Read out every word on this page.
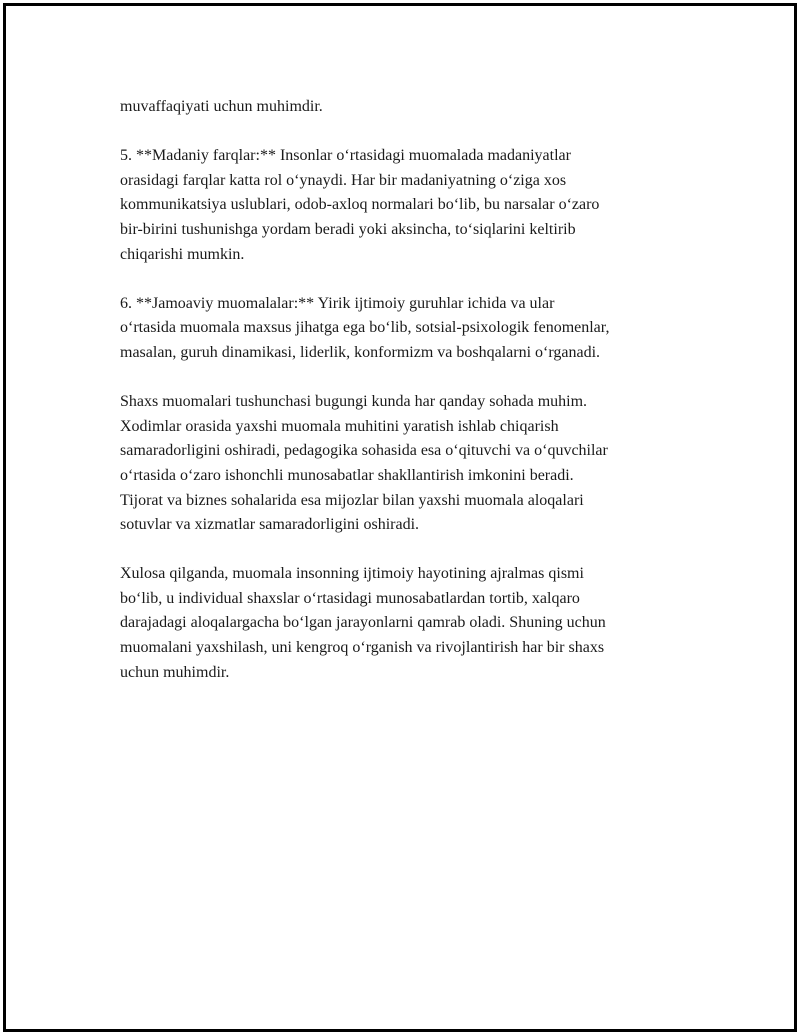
muvaffaqiyati uchun muhimdir.

5. **Madaniy farqlar:** Insonlar o‘rtasidagi muomalada madaniyatlar
orasidagi farqlar katta rol o‘ynaydi. Har bir madaniyatning o‘ziga xos
kommunikatsiya uslublari, odob-axloq normalari bo‘lib, bu narsalar o‘zaro
bir-birini tushunishga yordam beradi yoki aksincha, to‘siqlarini keltirib
chiqarishi mumkin.

6. **Jamoaviy muomalalar:** Yirik ijtimoiy guruhlar ichida va ular
o‘rtasida muomala maxsus jihatga ega bo‘lib, sotsial-psixologik fenomenlar,
masalan, guruh dinamikasi, liderlik, konformizm va boshqalarni o‘rganadi.

Shaxs muomalari tushunchasi bugungi kunda har qanday sohada muhim.
Xodimlar orasida yaxshi muomala muhitini yaratish ishlab chiqarish
samaradorligini oshiradi, pedagogika sohasida esa o‘qituvchi va o‘quvchilar
o‘rtasida o‘zaro ishonchli munosabatlar shakllantirish imkonini beradi.
Tijorat va biznes sohalarida esa mijozlar bilan yaxshi muomala aloqalari
sotuvlar va xizmatlar samaradorligini oshiradi.

Xulosa qilganda, muomala insonning ijtimoiy hayotining ajralmas qismi
bo‘lib, u individual shaxslar o‘rtasidagi munosabatlardan tortib, xalqaro
darajadagi aloqalargacha bo‘lgan jarayonlarni qamrab oladi. Shuning uchun
muomalani yaxshilash, uni kengroq o‘rganish va rivojlantirish har bir shaxs
uchun muhimdir.
